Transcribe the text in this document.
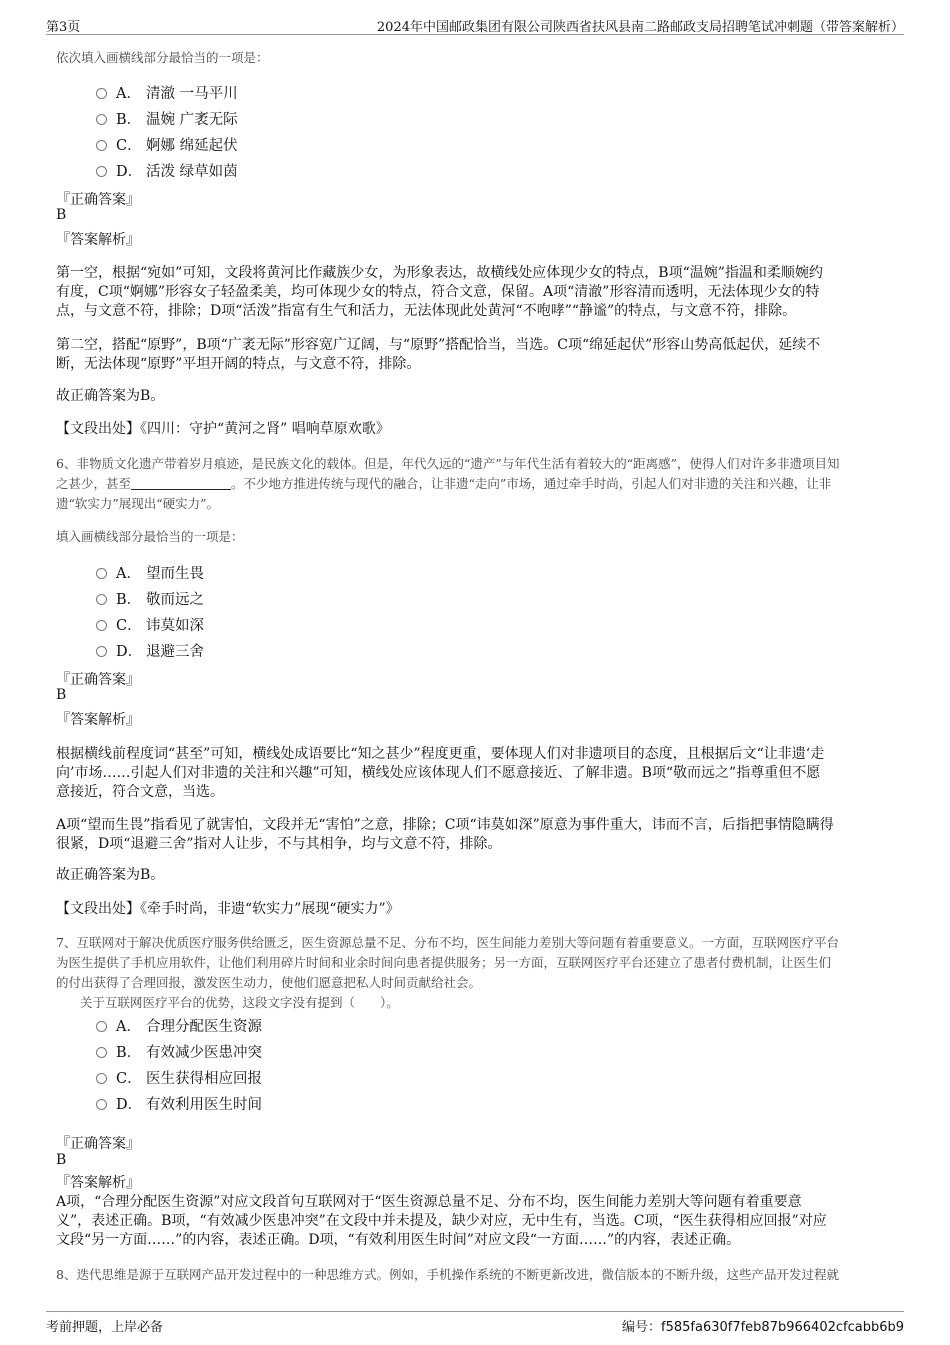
第3页	2024年中国邮政集团有限公司陕西省扶风县南二路邮政支局招聘笔试冲刺题（带答案解析）
依次填入画横线部分最恰当的一项是：
A． 清澈 一马平川
B． 温婉 广袤无际
C． 婀娜 绵延起伏
D． 活泼 绿草如茵
『正确答案』
B
『答案解析』
第一空，根据“宛如”可知，文段将黄河比作藏族少女，为形象表达，故横线处应体现少女的特点，B项“温婉”指温和柔顺婉约
有度，C项“婀娜”形容女子轻盈柔美，均可体现少女的特点，符合文意，保留。A项“清澈”形容清而透明，无法体现少女的特
点，与文意不符，排除；D项“活泼”指富有生气和活力，无法体现此处黄河“不咆哮”“静谧”的特点，与文意不符，排除。
第二空，搭配“原野”，B项“广袤无际”形容宽广辽阔，与“原野”搭配恰当，当选。C项“绵延起伏”形容山势高低起伏，延续不
断，无法体现“原野”平坦开阔的特点，与文意不符，排除。
故正确答案为B。
【文段出处】《四川：守护“黄河之肾” 唱响草原欢歌》
6、非物质文化遗产带着岁月痕迹，是民族文化的载体。但是，年代久远的“遗产”与年代生活有着较大的“距离感”，使得人们对许多非遗项目知
之甚少，甚至	。不少地方推进传统与现代的融合，让非遗“走向”市场，通过牵手时尚，引起人们对非遗的关注和兴趣，让非
遗“软实力”展现出“硬实力”。
填入画横线部分最恰当的一项是：
A． 望而生畏
B． 敬而远之
C． 讳莫如深
D． 退避三舍
『正确答案』
B
『答案解析』
根据横线前程度词“甚至”可知，横线处成语要比“知之甚少”程度更重，要体现人们对非遗项目的态度，且根据后文“让非遗‘走
向’市场……引起人们对非遗的关注和兴趣”可知，横线处应该体现人们不愿意接近、了解非遗。B项“敬而远之”指尊重但不愿
意接近，符合文意，当选。
A项“望而生畏”指看见了就害怕，文段并无“害怕”之意，排除；C项“讳莫如深”原意为事件重大，讳而不言，后指把事情隐瞒得
很紧，D项“退避三舍”指对人让步，不与其相争，均与文意不符，排除。
故正确答案为B。
【文段出处】《牵手时尚，非遗“软实力”展现“硬实力”》
7、互联网对于解决优质医疗服务供给匮乏，医生资源总量不足、分布不均，医生间能力差别大等问题有着重要意义。一方面，互联网医疗平台
为医生提供了手机应用软件，让他们利用碎片时间和业余时间向患者提供服务；另一方面，互联网医疗平台还建立了患者付费机制，让医生们
的付出获得了合理回报，激发医生动力，使他们愿意把私人时间贡献给社会。
关于互联网医疗平台的优势，这段文字没有提到（　　）。
A． 合理分配医生资源
B． 有效减少医患冲突
C． 医生获得相应回报
D． 有效利用医生时间
『正确答案』
B
『答案解析』
A项，“合理分配医生资源”对应文段首句互联网对于“医生资源总量不足、分布不均，医生间能力差别大等问题有着重要意
义”，表述正确。B项，“有效减少医患冲突”在文段中并未提及，缺少对应，无中生有，当选。C项，“医生获得相应回报”对应
文段“另一方面……”的内容，表述正确。D项，“有效利用医生时间”对应文段“一方面……”的内容，表述正确。
8、迭代思维是源于互联网产品开发过程中的一种思维方式。例如，手机操作系统的不断更新改进，微信版本的不断升级，这些产品开发过程就
考前押题，上岸必备	编号：f585fa630f7feb87b966402cfcabb6b9
